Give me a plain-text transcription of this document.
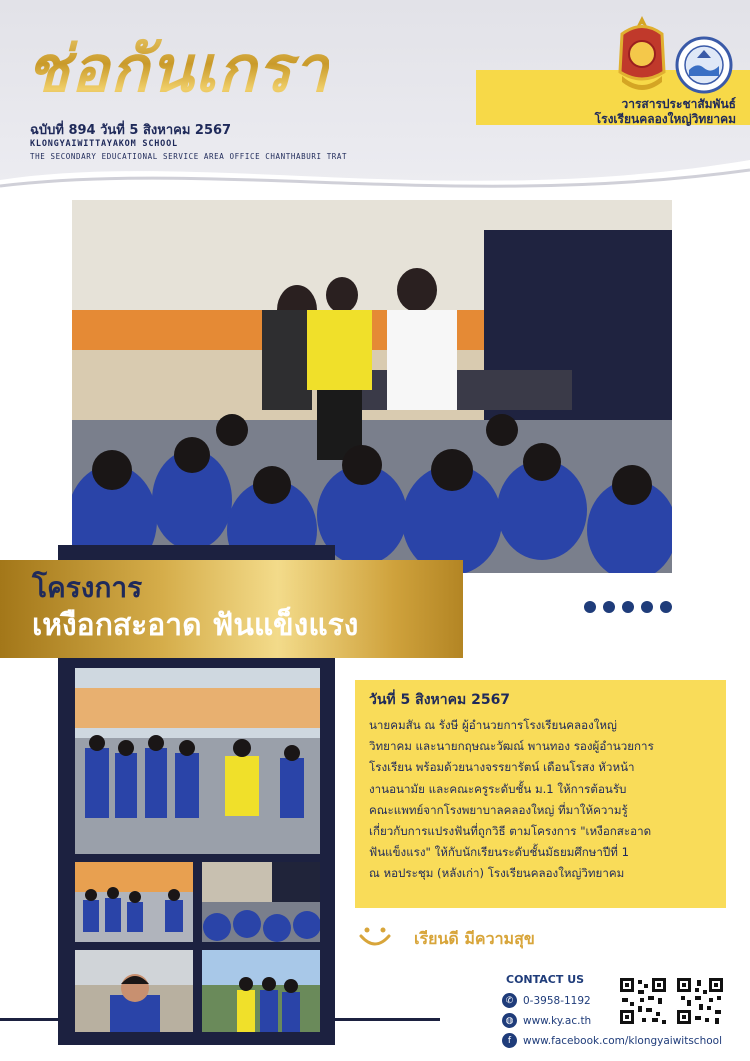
ช่อกันเกรา
ฉบับที่ 894 วันที่ 5 สิงหาคม 2567
KLONGYAIWITTAYAKOM SCHOOL
THE SECONDARY EDUCATIONAL SERVICE AREA OFFICE CHANTHABURI TRAT
วารสารประชาสัมพันธ์
โรงเรียนคลองใหญ่วิทยาคม
โครงการ
เหงือกสะอาด ฟันแข็งแรง
วันที่ 5 สิงหาคม 2567
นายคมสัน ณ รังษี ผู้อำนวยการโรงเรียนคลองใหญ่
วิทยาคม และนายกฤษณะวัฒณ์ พานทอง รองผู้อำนวยการ
โรงเรียน พร้อมด้วยนางจรรยารัตน์ เดือนโรสง หัวหน้า
งานอนามัย และคณะครูระดับชั้น ม.1 ให้การต้อนรับ
คณะแพทย์จากโรงพยาบาลคลองใหญ่ ที่มาให้ความรู้
เกี่ยวกับการแปรงฟันที่ถูกวิธี ตามโครงการ "เหงือกสะอาด
ฟันแข็งแรง" ให้กับนักเรียนระดับชั้นมัธยมศึกษาปีที่ 1
ณ หอประชุม (หลังเก่า) โรงเรียนคลองใหญ่วิทยาคม
เรียนดี มีความสุข
CONTACT US
✆ 0-3958-1192
◍ www.ky.ac.th
f	www.facebook.com/klongyaiwitschool
